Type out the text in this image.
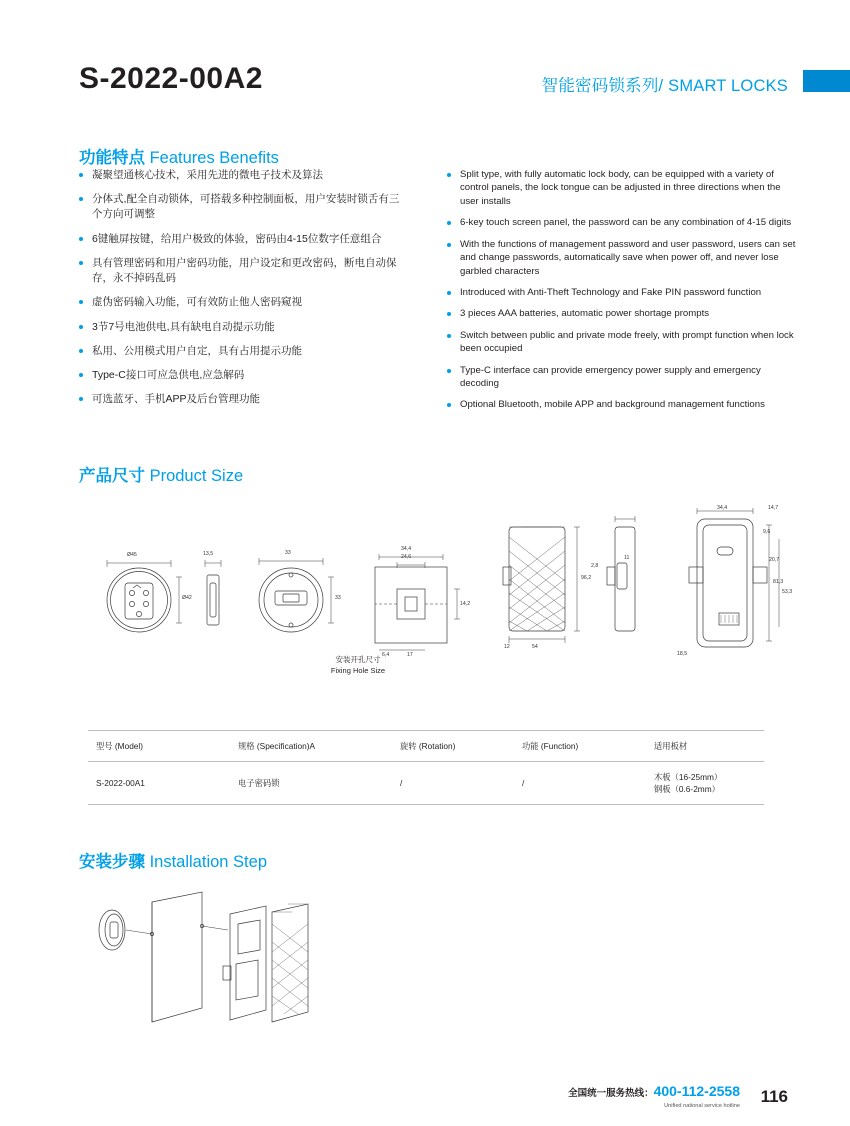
S-2022-00A2	智能密码锁系列/ SMART LOCKS
功能特点 Features Benefits
凝聚望通核心技术，采用先进的微电子技术及算法
分体式,配全自动锁体，可搭载多种控制面板，用户安装时锁舌有三个方向可调整
6键触屏按键，给用户极致的体验，密码由4-15位数字任意组合
具有管理密码和用户密码功能，用户设定和更改密码，断电自动保存，永不掉码乱码
虚伪密码输入功能，可有效防止他人密码窥视
3节7号电池供电,具有缺电自动提示功能
私用、公用模式用户自定，具有占用提示功能
Type-C接口可应急供电,应急解码
可选蓝牙、手机APP及后台管理功能
Split type, with fully automatic lock body, can be equipped with a variety of control panels, the lock tongue can be adjusted in three directions when the user installs
6-key touch screen panel, the password can be any combination of 4-15 digits
With the functions of management password and user password, users can set and change passwords, automatically save when power off, and never lose garbled characters
Introduced with Anti-Theft Technology and Fake PIN password function
3 pieces AAA batteries, automatic power shortage prompts
Switch between public and private mode freely, with prompt function when lock been occupied
Type-C interface can provide emergency power supply and emergency decoding
Optional Bluetooth, mobile APP and background management functions
产品尺寸 Product Size
Ø45
Ø42
13,5	33
33
34,4
24,6
14,2
6,4	17
96,2
54
12
2,8
11
34,4	14,7
81,3
53,3
20,7
9,6
18,5
安装开孔尺寸
Fixing Hole Size
型号 (Model)	规格 (Specification)A	旋转 (Rotation)	功能 (Function)	适用板材
S-2022-00A1	电子密码锁	/	/	木板（16-25mm）
钢板（0.6-2mm）
安装步骤 Installation Step
全国统一服务热线：400-112-2558
Unified national service hotline 116
